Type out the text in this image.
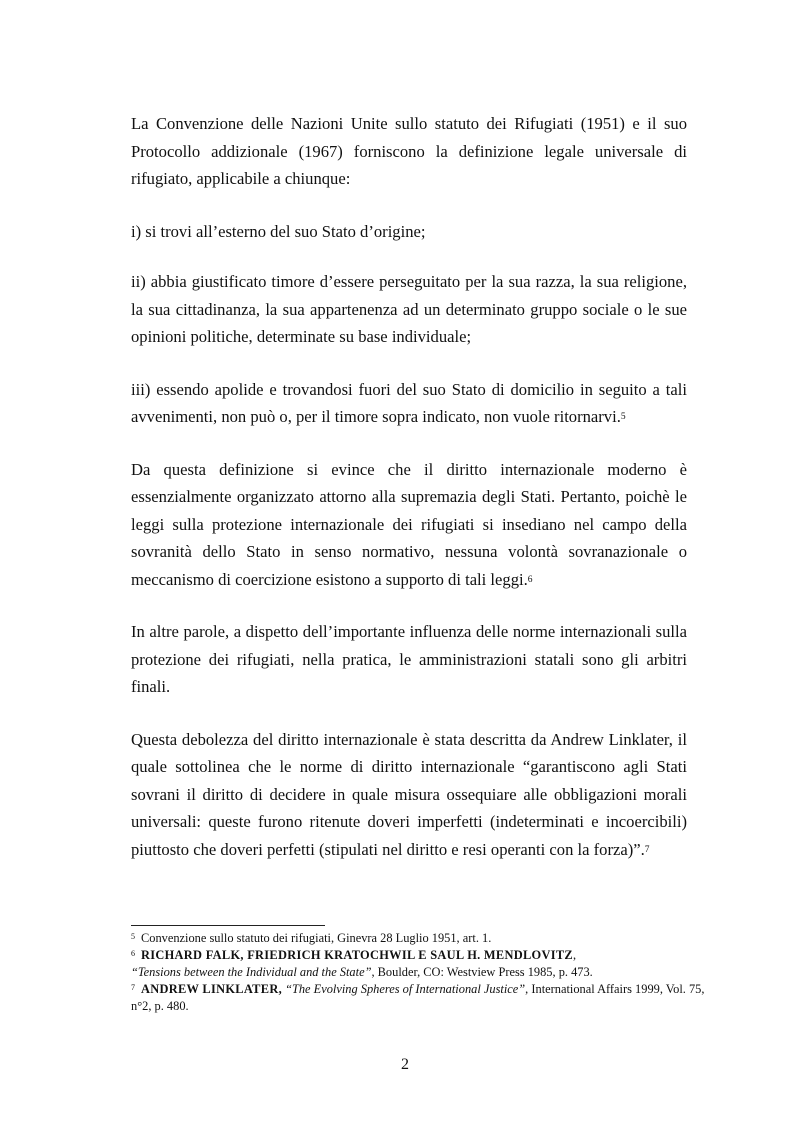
La Convenzione delle Nazioni Unite sullo statuto dei Rifugiati (1951) e il suo Protocollo addizionale (1967) forniscono la definizione legale universale di rifugiato, applicabile a chiunque:

i) si trovi all’esterno del suo Stato d’origine;

ii) abbia giustificato timore d’essere perseguitato per la sua razza, la sua religione, la sua cittadinanza, la sua appartenenza ad un determinato gruppo sociale o le sue opinioni politiche, determinate su base individuale;

iii) essendo apolide e trovandosi fuori del suo Stato di domicilio in seguito a tali avvenimenti, non può o, per il timore sopra indicato, non vuole ritornarvi.$^5$

Da questa definizione si evince che il diritto internazionale moderno è essenzialmente organizzato attorno alla supremazia degli Stati. Pertanto, poichè le leggi sulla protezione internazionale dei rifugiati si insediano nel campo della sovranità dello Stato in senso normativo, nessuna volontà sovranazionale o meccanismo di coercizione esistono a supporto di tali leggi.$^6$

In altre parole, a dispetto dell’importante influenza delle norme internazionali sulla protezione dei rifugiati, nella pratica, le amministrazioni statali sono gli arbitri finali.

Questa debolezza del diritto internazionale è stata descritta da Andrew Linklater, il quale sottolinea che le norme di diritto internazionale “garantiscono agli Stati sovrani il diritto di decidere in quale misura ossequiare alle obbligazioni morali universali: queste furono ritenute doveri imperfetti (indeterminati e incoercibili) piuttosto che doveri perfetti (stipulati nel diritto e resi operanti con la forza)”.$^7$

$^5$ Convenzione sullo statuto dei rifugiati, Ginevra 28 Luglio 1951, art. 1.

$^6$ RICHARD FALK, FRIEDRICH KRATOCHWIL E SAUL H. MENDLOVITZ,
“Tensions between the Individual and the State”, Boulder, CO: Westview Press 1985, p. 473.

$^7$ ANDREW LINKLATER, “The Evolving Spheres of International Justice”, International Affairs 1999, Vol. 75, n°2, p. 480.

2
